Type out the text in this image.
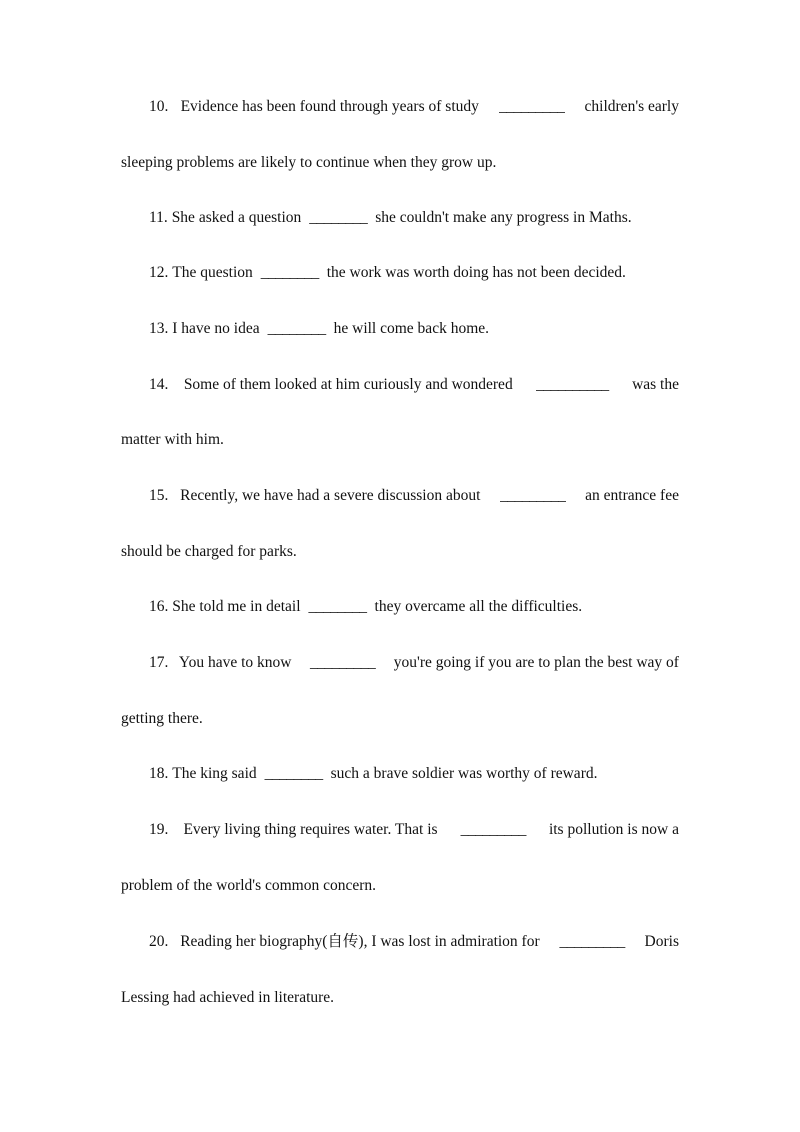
10. Evidence has been found through years of study _________ children's early
sleeping problems are likely to continue when they grow up.
11.
She asked a question ________ she couldn't make any progress in Maths.
12.
The question ________ the work was worth doing has not been decided.
13.
I have no idea ________ he will come back home.
14. Some of them looked at him curiously and wondered __________ was the
matter with him.
15. Recently, we have had a severe discussion about _________ an entrance fee
should be charged for parks.
16.
She told me in detail ________ they overcame all the difficulties.
17. You have to know _________ you're going if you are to plan the best way of
getting there.
18.
The king said ________ such a brave soldier was worthy of reward.
19. Every living thing requires water. That is _________ its pollution is now a
problem of the world's common concern.
20. Reading her biography(自传), I was lost in admiration for _________ Doris
Lessing had achieved in literature.
